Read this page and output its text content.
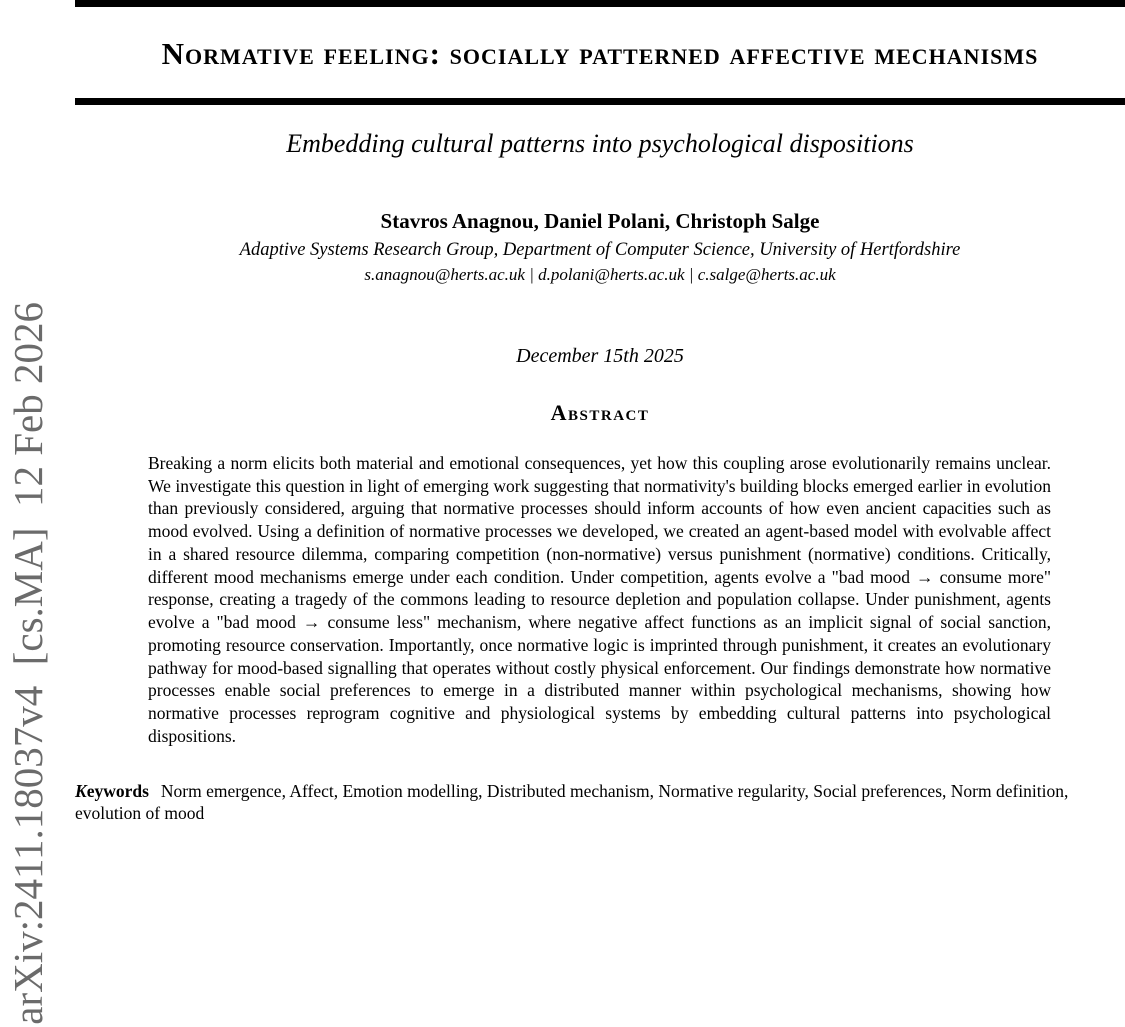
arXiv:2411.18037v4  [cs.MA]  12 Feb 2026
Normative feeling: socially patterned affective mechanisms
Embedding cultural patterns into psychological dispositions
Stavros Anagnou, Daniel Polani, Christoph Salge
Adaptive Systems Research Group, Department of Computer Science, University of Hertfordshire
s.anagnou@herts.ac.uk | d.polani@herts.ac.uk | c.salge@herts.ac.uk
December 15th 2025
Abstract

Breaking a norm elicits both material and emotional consequences, yet how this coupling arose evolutionarily remains unclear. We investigate this question in light of emerging work suggesting that normativity's building blocks emerged earlier in evolution than previously considered, arguing that normative processes should inform accounts of how even ancient capacities such as mood evolved. Using a definition of normative processes we developed, we created an agent-based model with evolvable affect in a shared resource dilemma, comparing competition (non-normative) versus punishment (normative) conditions. Critically, different mood mechanisms emerge under each condition. Under competition, agents evolve a "bad mood → consume more" response, creating a tragedy of the commons leading to resource depletion and population collapse. Under punishment, agents evolve a "bad mood → consume less" mechanism, where negative affect functions as an implicit signal of social sanction, promoting resource conservation. Importantly, once normative logic is imprinted through punishment, it creates an evolutionary pathway for mood-based signalling that operates without costly physical enforcement. Our findings demonstrate how normative processes enable social preferences to emerge in a distributed manner within psychological mechanisms, showing how normative processes reprogram cognitive and physiological systems by embedding cultural patterns into psychological dispositions.

Keywords Norm emergence, Affect, Emotion modelling, Distributed mechanism, Normative regularity, Social preferences, Norm definition, evolution of mood
